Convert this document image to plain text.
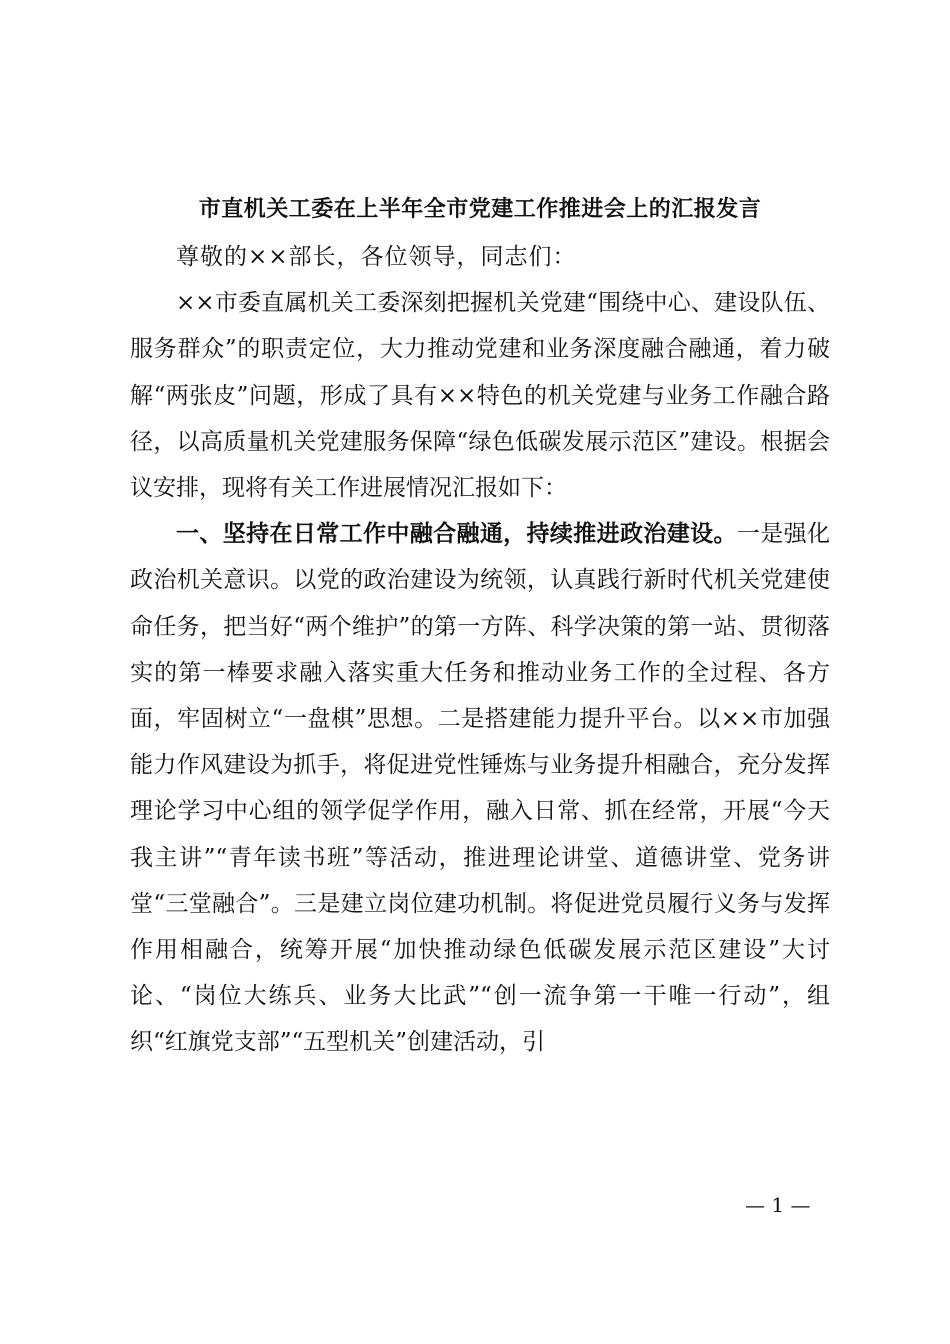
市直机关工委在上半年全市党建工作推进会上的汇报发言

尊敬的××部长，各位领导，同志们：

××市委直属机关工委深刻把握机关党建“围绕中心、建设队伍、服务群众”的职责定位，大力推动党建和业务深度融合融通，着力破解“两张皮”问题，形成了具有××特色的机关党建与业务工作融合路径，以高质量机关党建服务保障“绿色低碳发展示范区”建设。根据会议安排，现将有关工作进展情况汇报如下：

一、坚持在日常工作中融合融通，持续推进政治建设。一是强化政治机关意识。以党的政治建设为统领，认真践行新时代机关党建使命任务，把当好“两个维护”的第一方阵、科学决策的第一站、贯彻落实的第一棒要求融入落实重大任务和推动业务工作的全过程、各方面，牢固树立“一盘棋”思想。二是搭建能力提升平台。以××市加强能力作风建设为抓手，将促进党性锤炼与业务提升相融合，充分发挥理论学习中心组的领学促学作用，融入日常、抓在经常，开展“今天我主讲”“青年读书班”等活动，推进理论讲堂、道德讲堂、党务讲堂“三堂融合”。三是建立岗位建功机制。将促进党员履行义务与发挥作用相融合，统筹开展“加快推动绿色低碳发展示范区建设”大讨论、“岗位大练兵、业务大比武”“创一流争第一干唯一行动”，组织“红旗党支部”“五型机关”创建活动，引

— 1 —
